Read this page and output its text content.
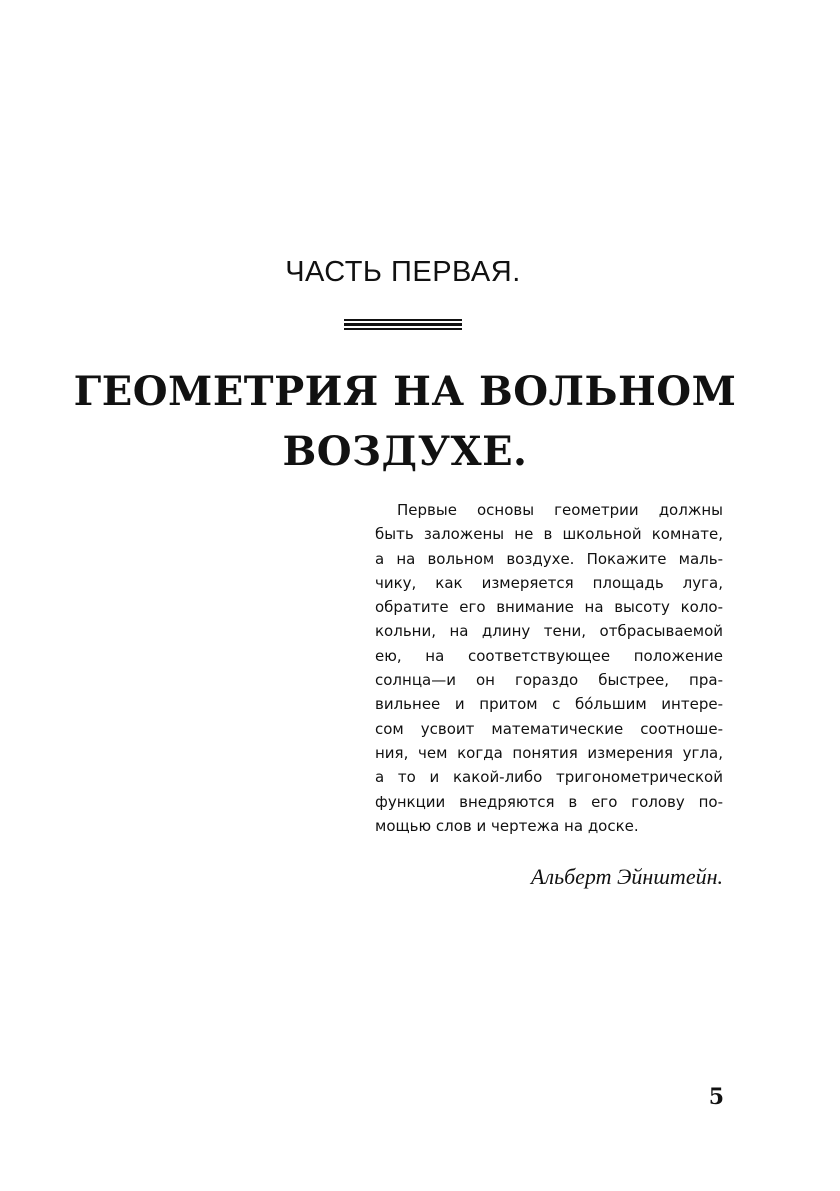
ЧАСТЬ ПЕРВАЯ.
ГЕОМЕТРИЯ НА ВОЛЬНОМ
ВОЗДУХЕ.
Первые основы геометрии должны
быть заложены не в школьной комнате,
а на вольном воздухе. Покажите маль-
чику, как измеряется площадь луга,
обратите его внимание на высоту коло-
кольни, на длину тени, отбрасываемой
ею, на соответствующее положение
солнца—и он гораздо быстрее, пра-
вильнее и притом с бо́льшим интере-
сом усвоит математические соотноше-
ния, чем когда понятия измерения угла,
а то и какой-либо тригонометрической
функции внедряются в его голову по-
мощью слов и чертежа на доске.
Альберт Эйнштейн.
5
